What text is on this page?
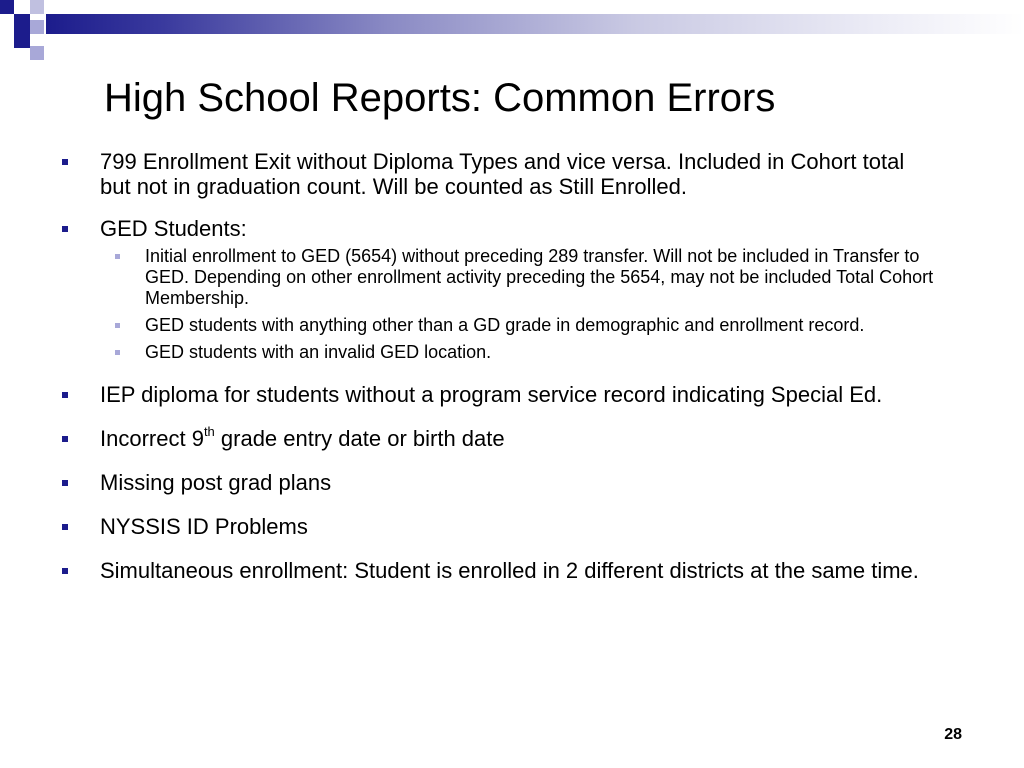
High School Reports: Common Errors
799 Enrollment Exit without Diploma Types and vice versa. Included in Cohort total but not in graduation count. Will be counted as Still Enrolled.
GED Students:
Initial enrollment to GED (5654) without preceding 289 transfer. Will not be included in Transfer to GED. Depending on other enrollment activity preceding the 5654, may not be included Total Cohort Membership.
GED students with anything other than a GD grade in demographic and enrollment record.
GED students with an invalid GED location.
IEP diploma for students without a program service record indicating Special Ed.
Incorrect 9th grade entry date or birth date
Missing post grad plans
NYSSIS ID Problems
Simultaneous enrollment: Student is enrolled in 2 different districts at the same time.
28
